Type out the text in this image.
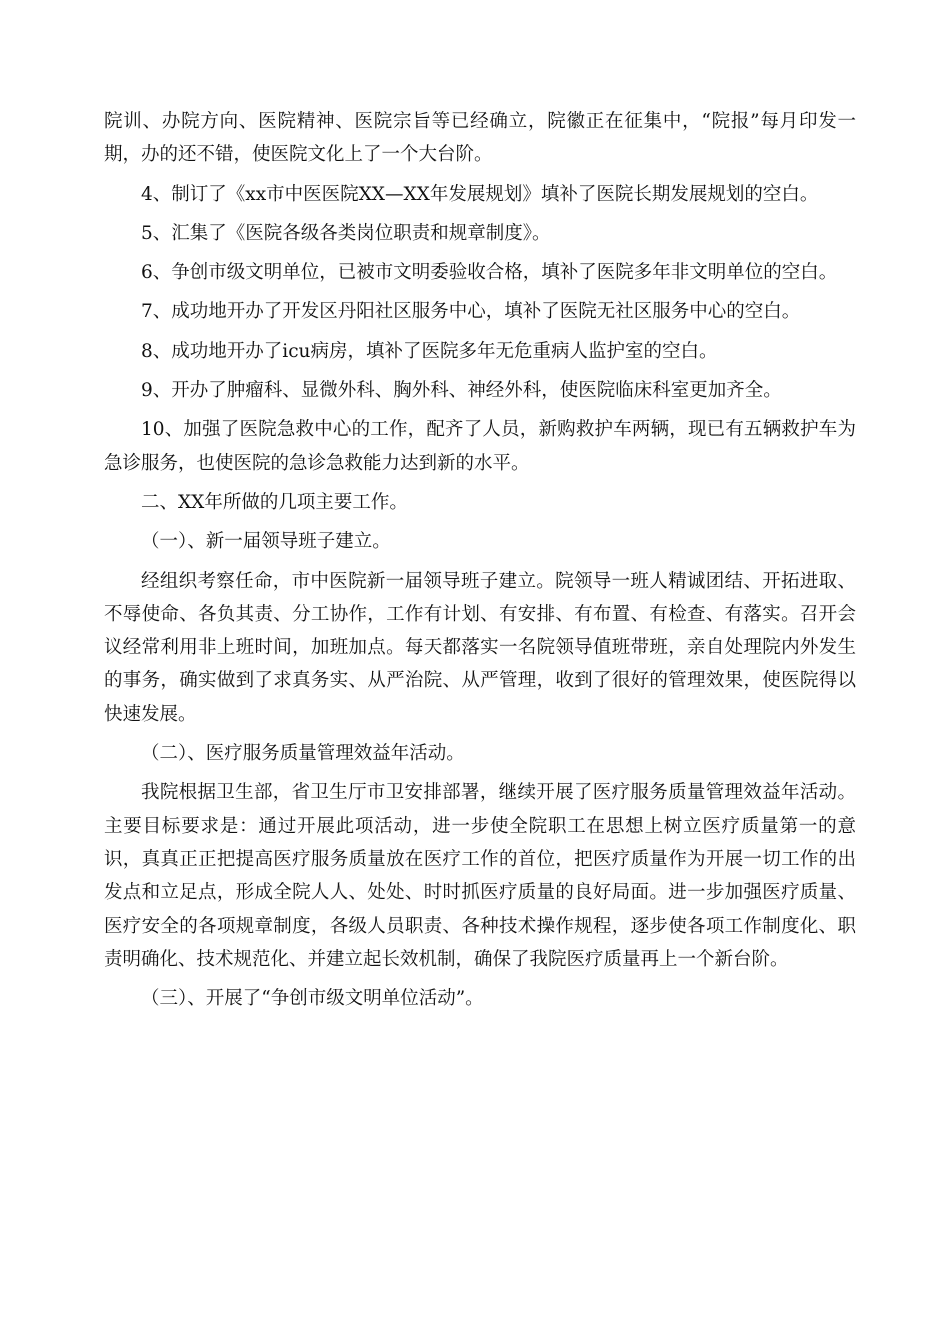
院训、办院方向、医院精神、医院宗旨等已经确立，院徽正在征集中，“院报”每月印发一期，办的还不错，使医院文化上了一个大台阶。

4、制订了《xx市中医医院XX—XX年发展规划》填补了医院长期发展规划的空白。

5、汇集了《医院各级各类岗位职责和规章制度》。

6、争创市级文明单位，已被市文明委验收合格，填补了医院多年非文明单位的空白。

7、成功地开办了开发区丹阳社区服务中心，填补了医院无社区服务中心的空白。

8、成功地开办了icu病房，填补了医院多年无危重病人监护室的空白。

9、开办了肿瘤科、显微外科、胸外科、神经外科，使医院临床科室更加齐全。

10、加强了医院急救中心的工作，配齐了人员，新购救护车两辆，现已有五辆救护车为急诊服务，也使医院的急诊急救能力达到新的水平。

二、XX年所做的几项主要工作。

（一）、新一届领导班子建立。

经组织考察任命，市中医院新一届领导班子建立。院领导一班人精诚团结、开拓进取、不辱使命、各负其责、分工协作，工作有计划、有安排、有布置、有检查、有落实。召开会议经常利用非上班时间，加班加点。每天都落实一名院领导值班带班，亲自处理院内外发生的事务，确实做到了求真务实、从严治院、从严管理，收到了很好的管理效果，使医院得以快速发展。

（二）、医疗服务质量管理效益年活动。

我院根据卫生部，省卫生厅市卫安排部署，继续开展了医疗服务质量管理效益年活动。主要目标要求是：通过开展此项活动，进一步使全院职工在思想上树立医疗质量第一的意识，真真正正把提高医疗服务质量放在医疗工作的首位，把医疗质量作为开展一切工作的出发点和立足点，形成全院人人、处处、时时抓医疗质量的良好局面。进一步加强医疗质量、医疗安全的各项规章制度，各级人员职责、各种技术操作规程，逐步使各项工作制度化、职责明确化、技术规范化、并建立起长效机制，确保了我院医疗质量再上一个新台阶。

（三）、开展了“争创市级文明单位活动”。
